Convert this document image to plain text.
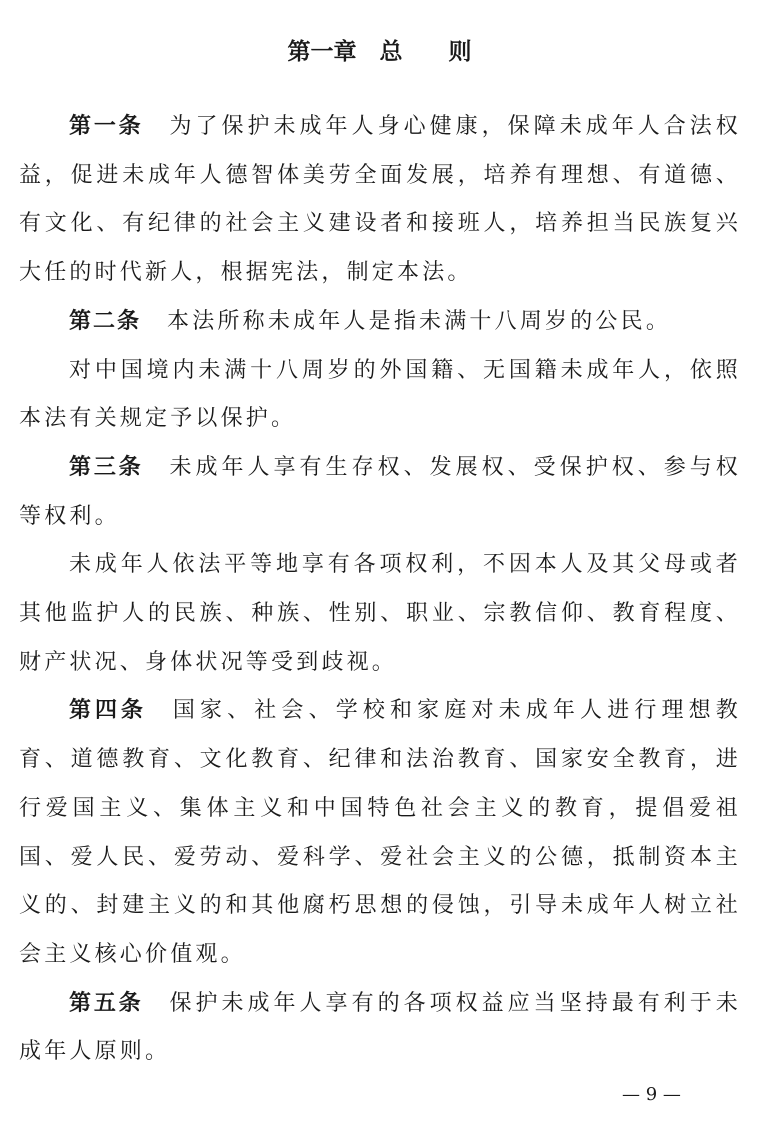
第一章　总　　则

第一条 为了保护未成年人身心健康，保障未成年人合法权益，促进未成年人德智体美劳全面发展，培养有理想、有道德、有文化、有纪律的社会主义建设者和接班人，培养担当民族复兴大任的时代新人，根据宪法，制定本法。

第二条 本法所称未成年人是指未满十八周岁的公民。

对中国境内未满十八周岁的外国籍、无国籍未成年人，依照本法有关规定予以保护。

第三条 未成年人享有生存权、发展权、受保护权、参与权等权利。

未成年人依法平等地享有各项权利，不因本人及其父母或者其他监护人的民族、种族、性别、职业、宗教信仰、教育程度、财产状况、身体状况等受到歧视。

第四条 国家、社会、学校和家庭对未成年人进行理想教育、道德教育、文化教育、纪律和法治教育、国家安全教育，进行爱国主义、集体主义和中国特色社会主义的教育，提倡爱祖国、爱人民、爱劳动、爱科学、爱社会主义的公德，抵制资本主义的、封建主义的和其他腐朽思想的侵蚀，引导未成年人树立社会主义核心价值观。

第五条 保护未成年人享有的各项权益应当坚持最有利于未成年人原则。

— 9 —
